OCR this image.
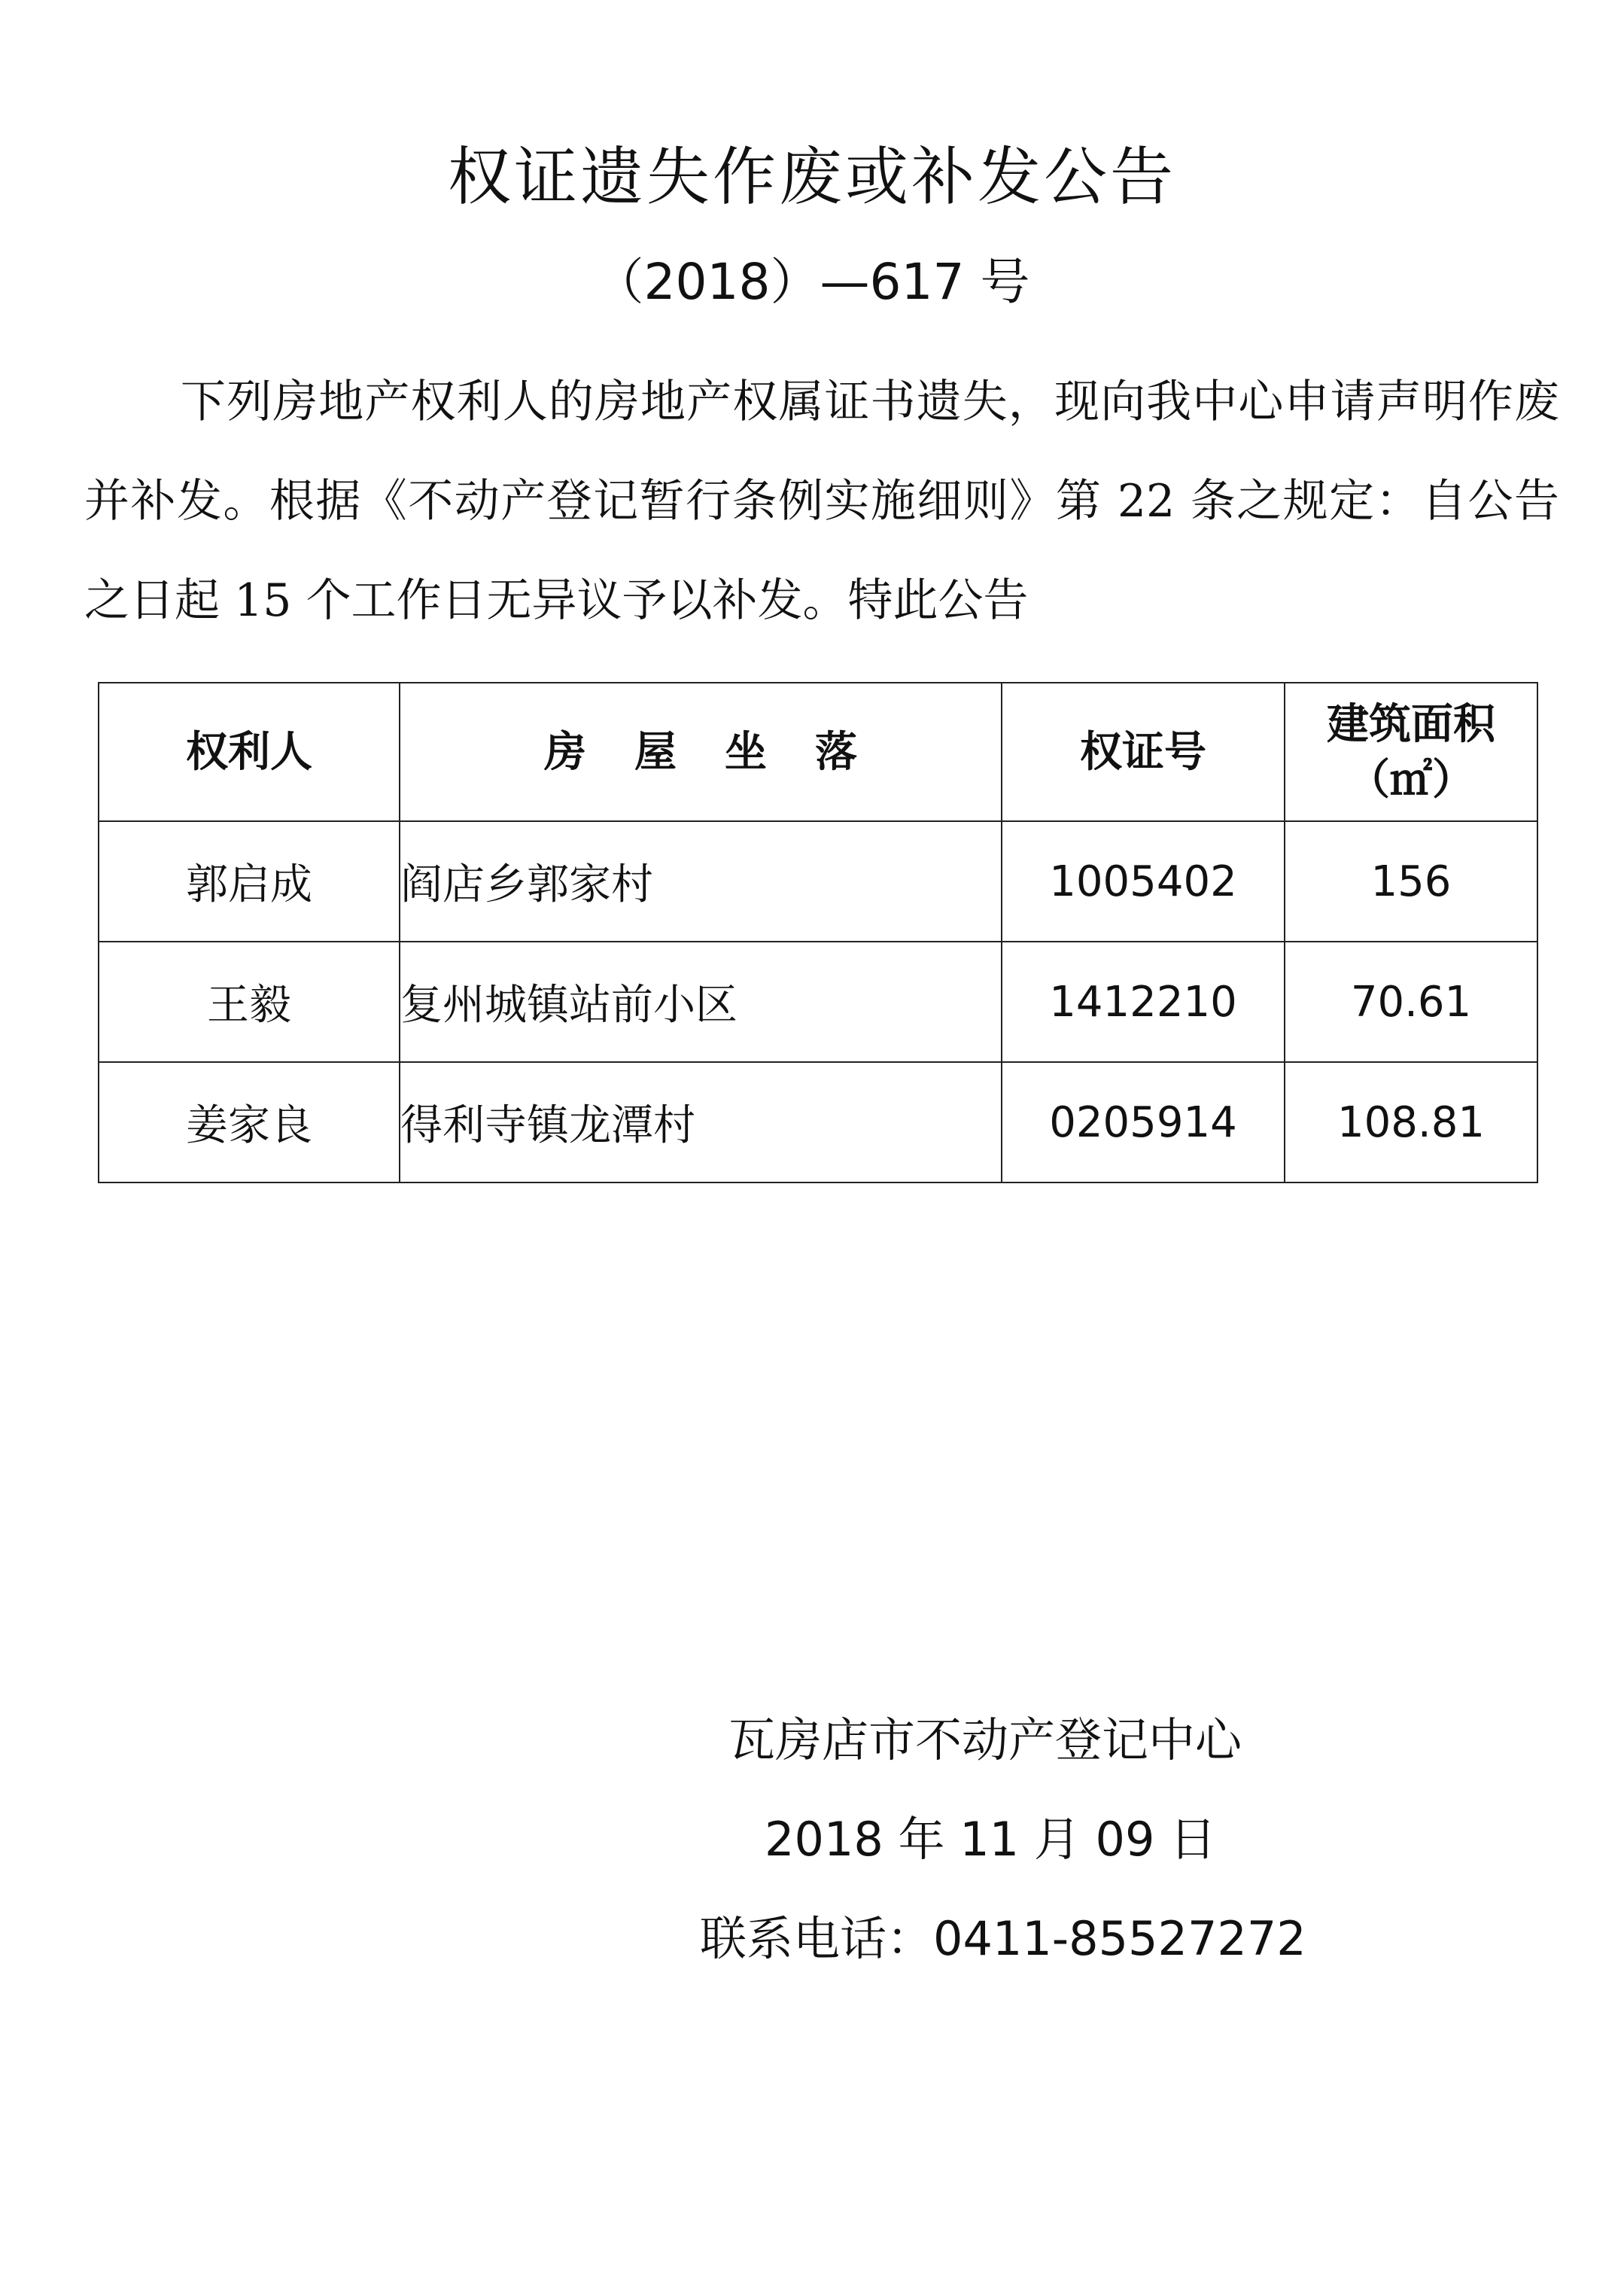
权证遗失作废或补发公告
（2018）—617 号

下列房地产权利人的房地产权属证书遗失，现向我中心申请声明作废并补发。根据《不动产登记暂行条例实施细则》第 22 条之规定：自公告之日起 15 个工作日无异议予以补发。特此公告

权利人	房屋坐落	权证号	建筑面积
（㎡）

郭启成	阎店乡郭家村	1005402	156
王毅	复州城镇站前小区	1412210	70.61
姜家良	得利寺镇龙潭村	0205914	108.81
瓦房店市不动产登记中心
2018 年 11 月 09 日
联系电话：0411-85527272
